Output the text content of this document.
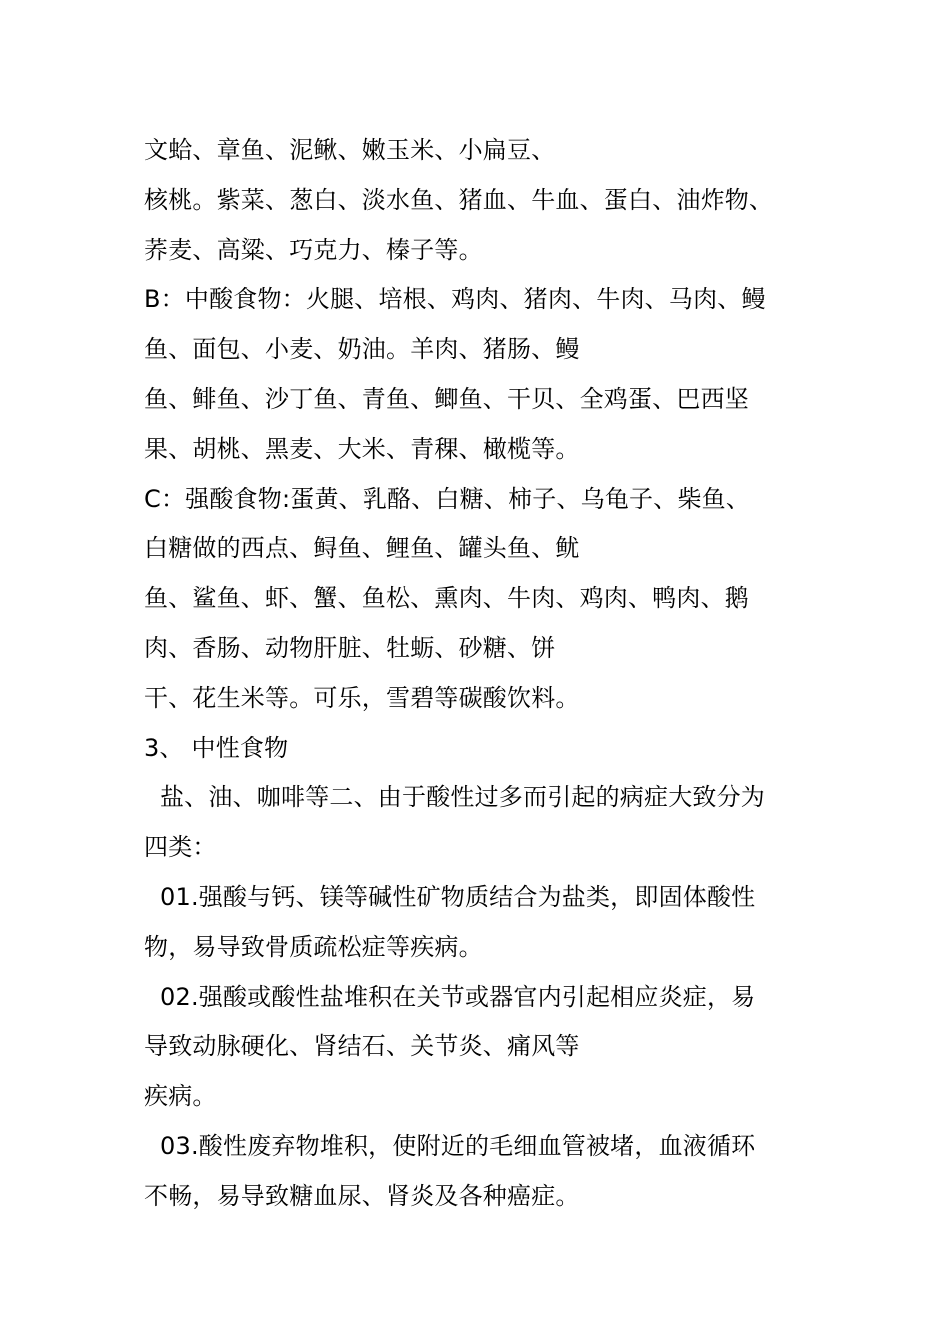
文蛤、章鱼、泥鳅、嫩玉米、小扁豆、
核桃。紫菜、葱白、淡水鱼、猪血、牛血、蛋白、油炸物、
荞麦、高粱、巧克力、榛子等。
B：中酸食物：火腿、培根、鸡肉、猪肉、牛肉、马肉、鳗
鱼、面包、小麦、奶油。羊肉、猪肠、鳗
鱼、鲱鱼、沙丁鱼、青鱼、鲫鱼、干贝、全鸡蛋、巴西坚
果、胡桃、黑麦、大米、青稞、橄榄等。
C：强酸食物:蛋黄、乳酪、白糖、柿子、乌龟子、柴鱼、
白糖做的西点、鲟鱼、鲤鱼、罐头鱼、鱿
鱼、鲨鱼、虾、蟹、鱼松、熏肉、牛肉、鸡肉、鸭肉、鹅
肉、香肠、动物肝脏、牡蛎、砂糖、饼
干、花生米等。可乐，雪碧等碳酸饮料。
3、 中性食物
盐、油、咖啡等二、由于酸性过多而引起的病症大致分为
四类：
01.强酸与钙、镁等碱性矿物质结合为盐类，即固体酸性
物，易导致骨质疏松症等疾病。
02.强酸或酸性盐堆积在关节或器官内引起相应炎症，易
导致动脉硬化、肾结石、关节炎、痛风等
疾病。
03.酸性废弃物堆积，使附近的毛细血管被堵，血液循环
不畅，易导致糖血尿、肾炎及各种癌症。
